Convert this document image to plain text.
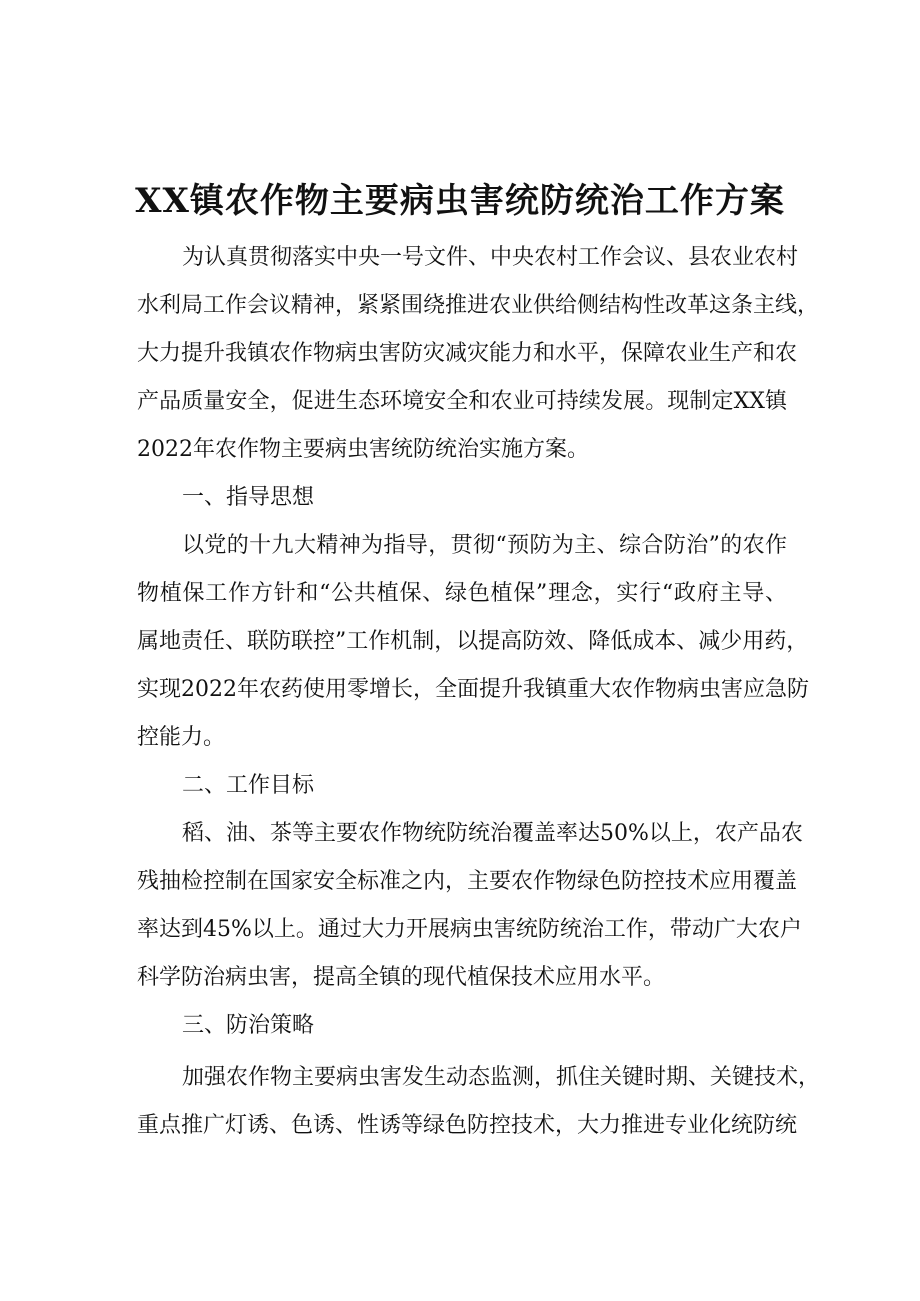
XX镇农作物主要病虫害统防统治工作方案

为认真贯彻落实中央一号文件、中央农村工作会议、县农业农村

水利局工作会议精神，紧紧围绕推进农业供给侧结构性改革这条主线，

大力提升我镇农作物病虫害防灾减灾能力和水平，保障农业生产和农

产品质量安全，促进生态环境安全和农业可持续发展。现制定XX镇

2022年农作物主要病虫害统防统治实施方案。

一、指导思想

以党的十九大精神为指导，贯彻“预防为主、综合防治”的农作

物植保工作方针和“公共植保、绿色植保”理念，实行“政府主导、

属地责任、联防联控”工作机制，以提高防效、降低成本、减少用药，

实现2022年农药使用零增长，全面提升我镇重大农作物病虫害应急防

控能力。

二、工作目标

稻、油、茶等主要农作物统防统治覆盖率达50%以上，农产品农

残抽检控制在国家安全标准之内，主要农作物绿色防控技术应用覆盖

率达到45%以上。通过大力开展病虫害统防统治工作，带动广大农户

科学防治病虫害，提高全镇的现代植保技术应用水平。

三、防治策略

加强农作物主要病虫害发生动态监测，抓住关键时期、关键技术，

重点推广灯诱、色诱、性诱等绿色防控技术，大力推进专业化统防统
